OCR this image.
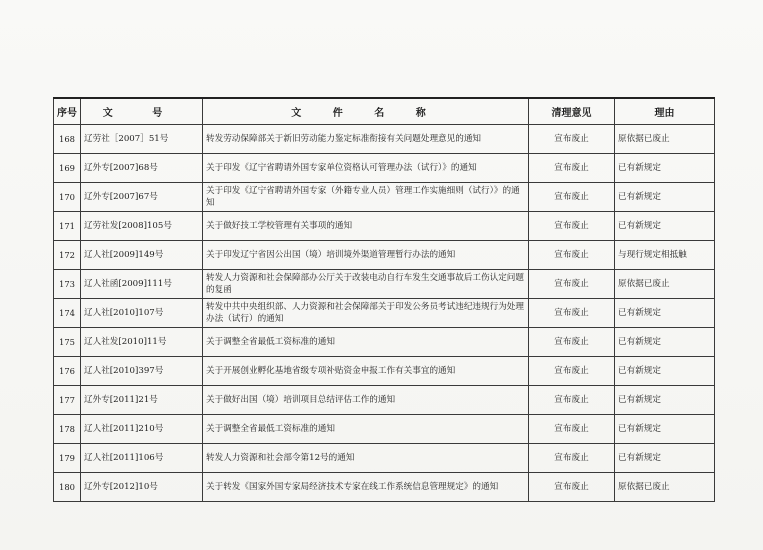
序号	文 号	文 件 名 称	清理意见	理由
168	辽劳社［2007］51号	转发劳动保障部关于新旧劳动能力鉴定标准衔接有关问题处理意见的通知	宣布废止	原依据已废止
169	辽外专[2007]68号	关于印发《辽宁省聘请外国专家单位资格认可管理办法（试行）》的通知	宣布废止	已有新规定
170	辽外专[2007]67号	关于印发《辽宁省聘请外国专家（外籍专业人员）管理工作实施细则（试行）》的通知	宣布废止	已有新规定
171	辽劳社发[2008]105号	关于做好技工学校管理有关事项的通知	宣布废止	已有新规定
172	辽人社[2009]149号	关于印发辽宁省因公出国（境）培训境外渠道管理暂行办法的通知	宣布废止	与现行规定相抵触
173	辽人社函[2009]111号	转发人力资源和社会保障部办公厅关于改装电动自行车发生交通事故后工伤认定问题的复函	宣布废止	原依据已废止
174	辽人社[2010]107号	转发中共中央组织部、人力资源和社会保障部关于印发公务员考试违纪违规行为处理办法（试行）的通知	宣布废止	已有新规定
175	辽人社发[2010]11号	关于调整全省最低工资标准的通知	宣布废止	已有新规定
176	辽人社[2010]397号	关于开展创业孵化基地省级专项补贴资金申报工作有关事宜的通知	宣布废止	已有新规定
177	辽外专[2011]21号	关于做好出国（境）培训项目总结评估工作的通知	宣布废止	已有新规定
178	辽人社[2011]210号	关于调整全省最低工资标准的通知	宣布废止	已有新规定
179	辽人社[2011]106号	转发人力资源和社会部令第12号的通知	宣布废止	已有新规定
180	辽外专[2012]10号	关于转发《国家外国专家局经济技术专家在线工作系统信息管理规定》的通知	宣布废止	原依据已废止
